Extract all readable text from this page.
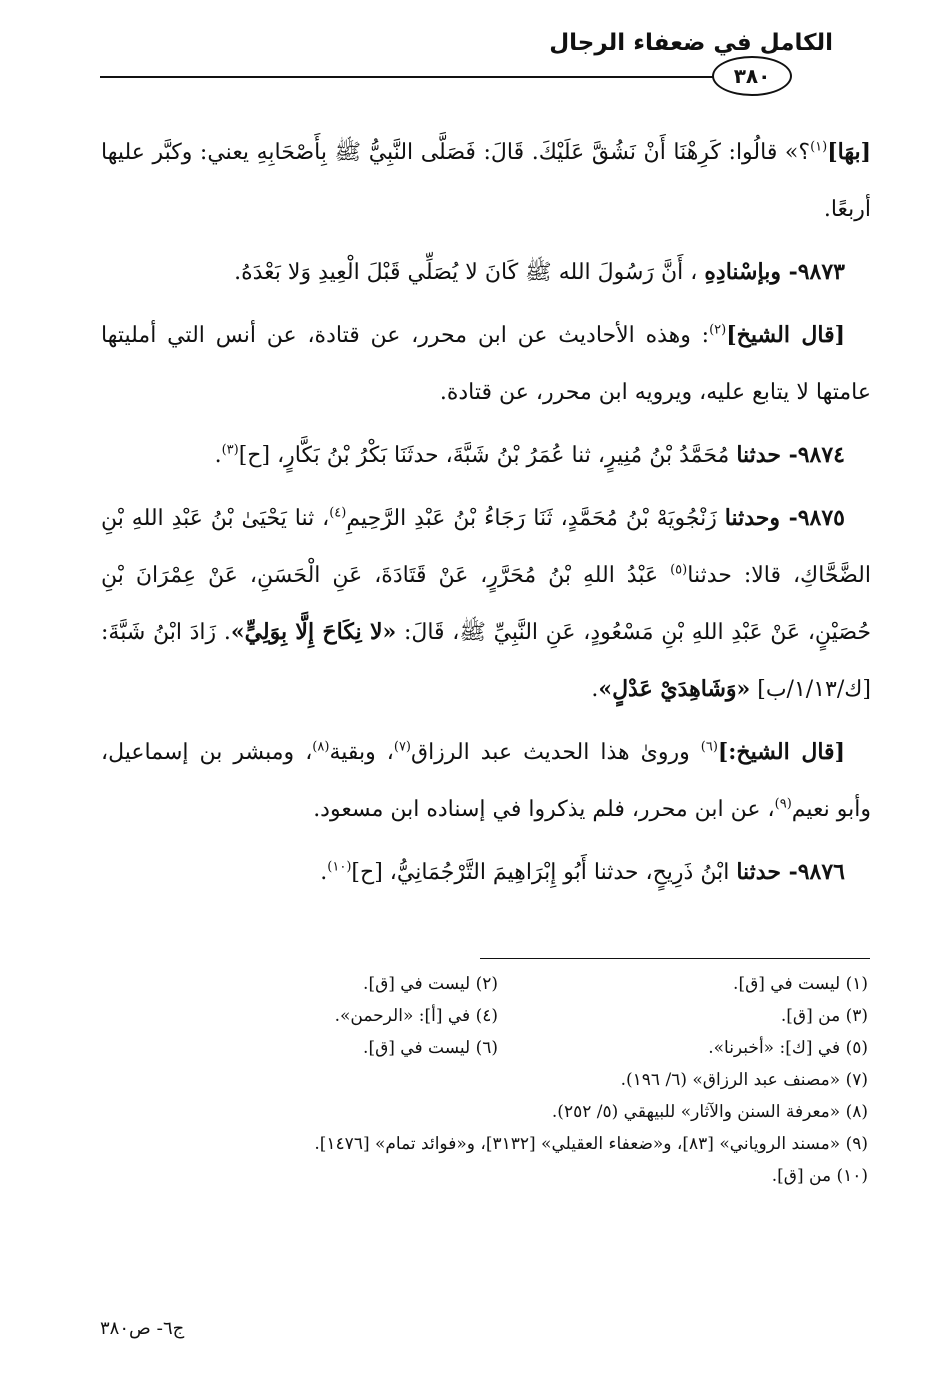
الكامل في ضعفاء الرجال
٣٨٠

[بهَا]$^{(١)}$؟» قالُوا: كَرِهْنَا أَنْ نَشُقَّ عَلَيْكَ. قَالَ: فَصَلَّى النَّبِيُّ ﷺ بِأَصْحَابِهِ يعني: وكبَّر عليها أربعًا.

٩٨٧٣- وبإسْنادِهِ ، أَنَّ رَسُولَ الله ﷺ كَانَ لا يُصَلِّي قَبْلَ الْعِيدِ وَلا بَعْدَهُ.

[قال الشيخ]$^{(٢)}$: وهذه الأحاديث عن ابن محرر، عن قتادة، عن أنس التي أمليتها عامتها لا يتابع عليه، ويرويه ابن محرر، عن قتادة.

٩٨٧٤- حدثنا مُحَمَّدُ بْنُ مُنِيرٍ، ثنا عُمَرُ بْنُ شَبَّةَ، حدثَنَا بَكْرُ بْنُ بَكَّارٍ، [ح]$^{(٣)}$.

٩٨٧٥- وحدثنا زَنْجُويَهْ بْنُ مُحَمَّدٍ، ثَنَا رَجَاءُ بْنُ عَبْدِ الرَّحِيمِ$^{(٤)}$، ثنا يَحْيَىٰ بْنُ عَبْدِ اللهِ بْنِ الضَّحَّاكِ، قالا: حدثنا$^{(٥)}$ عَبْدُ اللهِ بْنُ مُحَرَّرٍ، عَنْ قَتَادَةَ، عَنِ الْحَسَنِ، عَنْ عِمْرَانَ بْنِ حُصَيْنٍ، عَنْ عَبْدِ اللهِ بْنِ مَسْعُودٍ، عَنِ النَّبِيِّ ﷺ، قَالَ: «لا نِكَاحَ إِلَّا بِوَلِيٍّ». زَادَ ابْنُ شَبَّةَ: [ك/١/١٣/ب] «وَشَاهِدَيْ عَدْلٍ».

[قال الشيخ:]$^{(٦)}$ وروىٰ هذا الحديث عبد الرزاق$^{(٧)}$، وبقية$^{(٨)}$، ومبشر بن إسماعيل، وأبو نعيم$^{(٩)}$، عن ابن محرر، فلم يذكروا في إسناده ابن مسعود.

٩٨٧٦- حدثنا ابْنُ ذَرِيحٍ، حدثنا أَبُو إِبْرَاهِيمَ التَّرْجُمَانِيُّ، [ح]$^{(١٠)}$.

(١) ليست في [ق].
(٢) ليست في [ق].
(٣) من [ق].
(٤) في [أ]: «الرحمن».
(٥) في [ك]: «أخبرنا».
(٦) ليست في [ق].
(٧) «مصنف عبد الرزاق» (٦/ ١٩٦).
(٨) «معرفة السنن والآثار» للبيهقي (٥/ ٢٥٢).
(٩) «مسند الروياني» [٨٣]، و«ضعفاء العقيلي» [٣١٣٢]، و«فوائد تمام» [١٤٧٦].
(١٠) من [ق].
ج٦- ص٣٨٠
